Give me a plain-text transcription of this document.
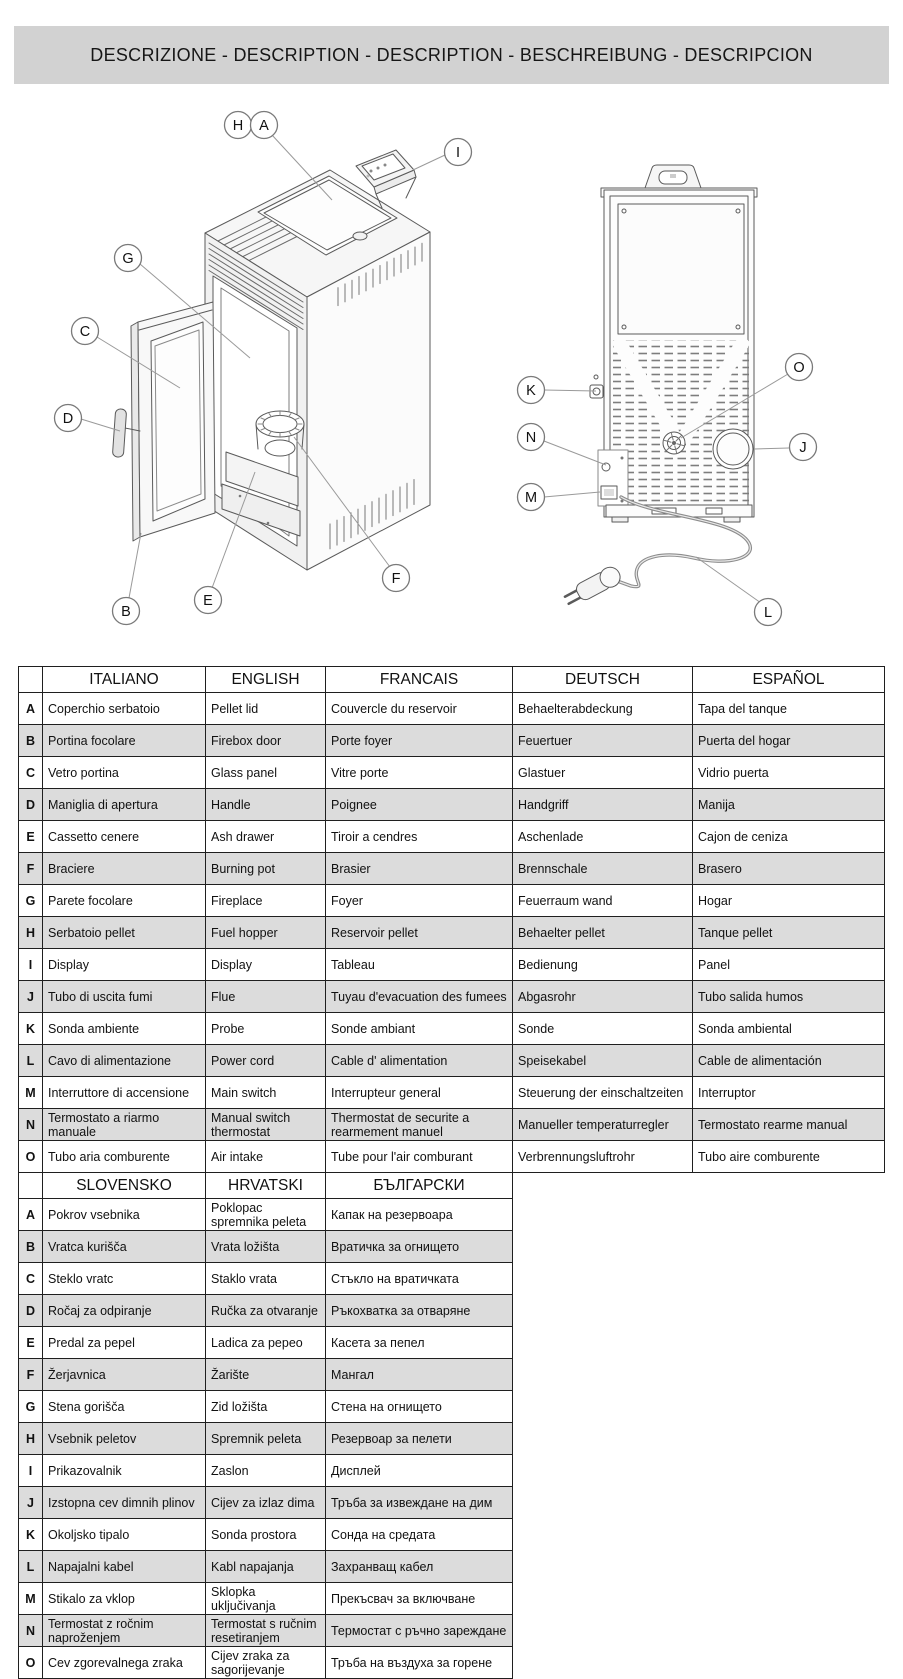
DESCRIZIONE - DESCRIPTION - DESCRIPTION - BESCHREIBUNG - DESCRIPCION
H A
I
G
C
D
B
E
F
K
N
M
O
J
L
	ITALIANO	ENGLISH	FRANCAIS	DEUTSCH	ESPAÑOL
A	Coperchio serbatoio	Pellet lid	Couvercle du reservoir	Behaelterabdeckung	Tapa del tanque
B	Portina focolare	Firebox door	Porte foyer	Feuertuer	Puerta del hogar
C	Vetro portina	Glass panel	Vitre porte	Glastuer	Vidrio puerta
D	Maniglia di apertura	Handle	Poignee	Handgriff	Manija
E	Cassetto cenere	Ash drawer	Tiroir a cendres	Aschenlade	Cajon de ceniza
F	Braciere	Burning pot	Brasier	Brennschale	Brasero
G	Parete focolare	Fireplace	Foyer	Feuerraum wand	Hogar
H	Serbatoio pellet	Fuel hopper	Reservoir pellet	Behaelter pellet	Tanque pellet
I	Display	Display	Tableau	Bedienung	Panel
J	Tubo di uscita fumi	Flue	Tuyau d'evacuation des fumees	Abgasrohr	Tubo salida humos
K	Sonda ambiente	Probe	Sonde ambiant	Sonde	Sonda ambiental
L	Cavo di alimentazione	Power cord	Cable d' alimentation	Speisekabel	Cable de alimentación
M	Interruttore di accensione	Main switch	Interrupteur general	Steuerung der einschaltzeiten	Interruptor
N	Termostato a riarmo manuale	Manual switch thermostat	Thermostat de securite a rearmement manuel	Manueller temperaturregler	Termostato rearme manual
O	Tubo aria comburente	Air intake	Tube pour l'air comburant	Verbrennungsluftrohr	Tubo aire comburente
	SLOVENSKO	HRVATSKI	БЪЛГАРСКИ
A	Pokrov vsebnika	Poklopac spremnika peleta	Капак на резервоара
B	Vratca kurišča	Vrata ložišta	Вратичка за огнището
C	Steklo vratc	Staklo vrata	Стъкло на вратичката
D	Ročaj za odpiranje	Ručka za otvaranje	Ръкохватка за отваряне
E	Predal za pepel	Ladica za pepeo	Касета за пепел
F	Žerjavnica	Žarište	Мангал
G	Stena gorišča	Zid ložišta	Стена на огнището
H	Vsebnik peletov	Spremnik peleta	Резервоар за пелети
I	Prikazovalnik	Zaslon	Дисплей
J	Izstopna cev dimnih plinov	Cijev za izlaz dima	Тръба за извеждане на дим
K	Okoljsko tipalo	Sonda prostora	Сонда на средата
L	Napajalni kabel	Kabl napajanja	Захранващ кабел
M	Stikalo za vklop	Sklopka uključivanja	Прекъсвач за включване
N	Termostat z ročnim naproženjem	Termostat s ručnim resetiranjem	Термостат с ръчно зареждане
O	Cev zgorevalnega zraka	Cijev zraka za sagorijevanje	Тръба на въздуха за горене
